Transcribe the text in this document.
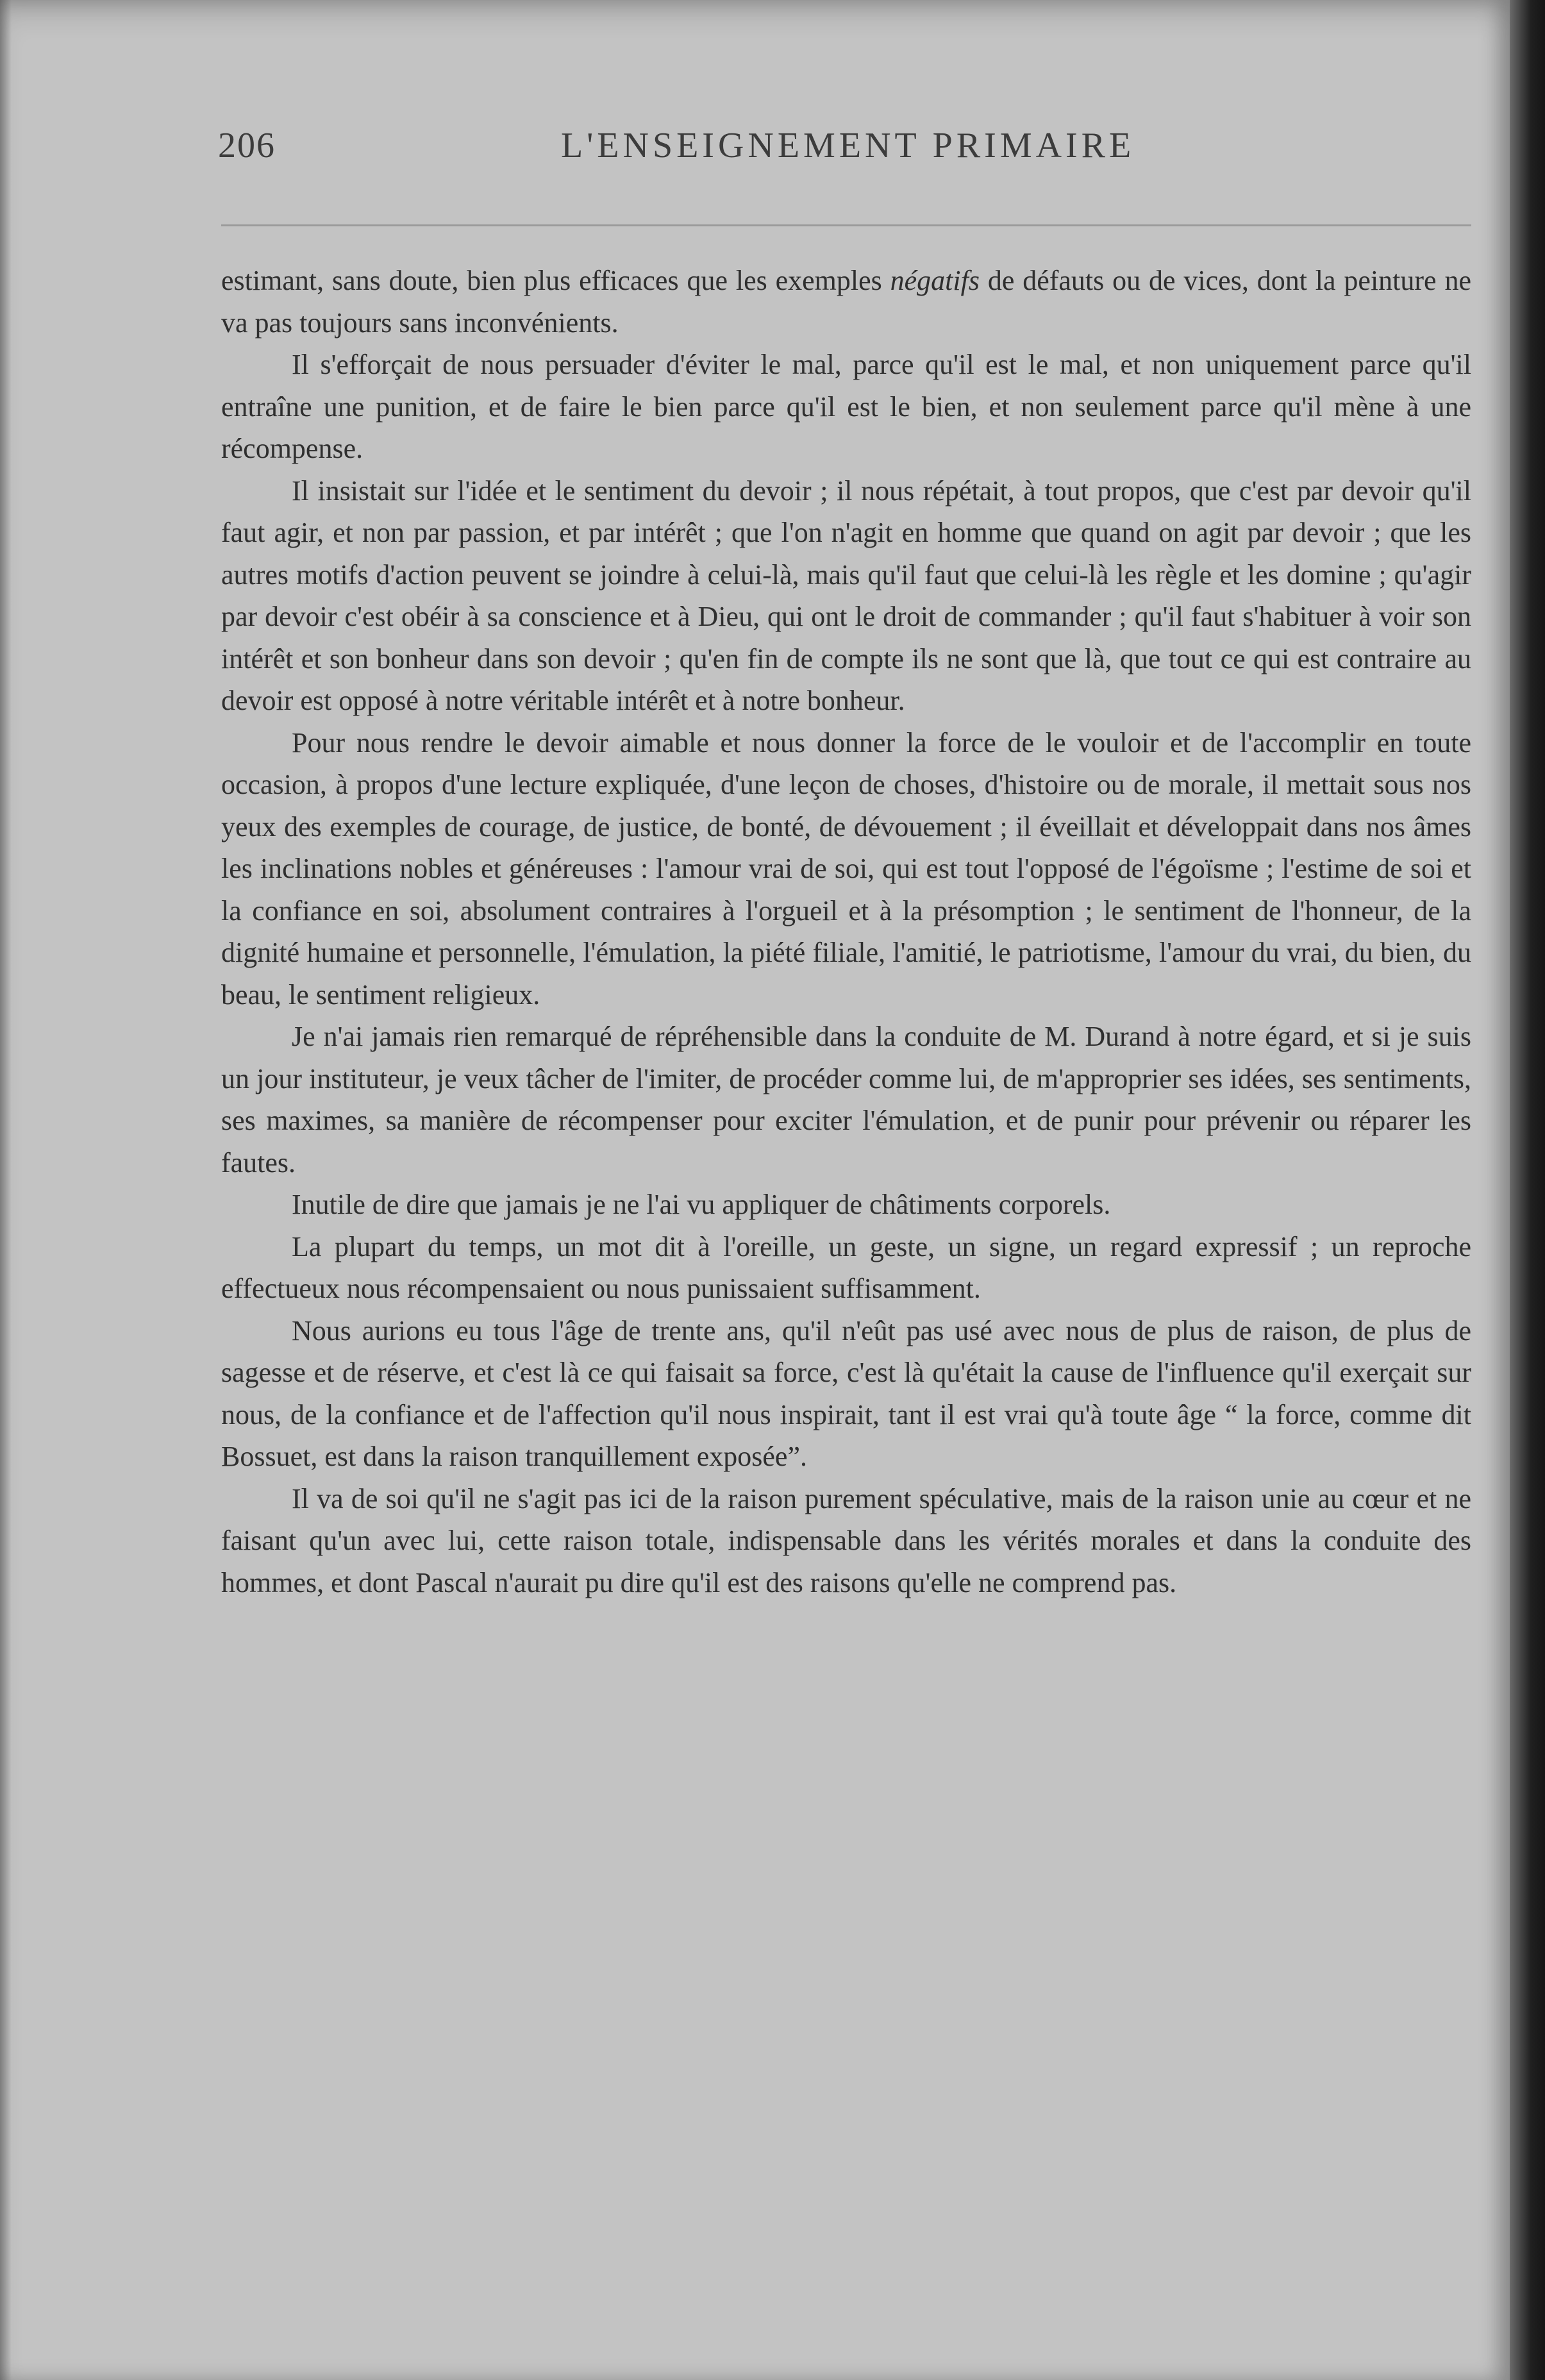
206	L'ENSEIGNEMENT PRIMAIRE

estimant, sans doute, bien plus efficaces que les exemples négatifs de défauts ou de vices, dont la peinture ne va pas toujours sans inconvénients.

Il s'efforçait de nous persuader d'éviter le mal, parce qu'il est le mal, et non uniquement parce qu'il entraîne une punition, et de faire le bien parce qu'il est le bien, et non seulement parce qu'il mène à une récompense.

Il insistait sur l'idée et le sentiment du devoir ; il nous répétait, à tout propos, que c'est par devoir qu'il faut agir, et non par passion, et par intérêt ; que l'on n'agit en homme que quand on agit par devoir ; que les autres motifs d'action peuvent se joindre à celui-là, mais qu'il faut que celui-là les règle et les domine ; qu'agir par devoir c'est obéir à sa conscience et à Dieu, qui ont le droit de commander ; qu'il faut s'habituer à voir son intérêt et son bonheur dans son devoir ; qu'en fin de compte ils ne sont que là, que tout ce qui est contraire au devoir est opposé à notre véritable intérêt et à notre bonheur.

Pour nous rendre le devoir aimable et nous donner la force de le vouloir et de l'accomplir en toute occasion, à propos d'une lecture expliquée, d'une leçon de choses, d'histoire ou de morale, il mettait sous nos yeux des exemples de courage, de justice, de bonté, de dévouement ; il éveillait et développait dans nos âmes les inclinations nobles et généreuses : l'amour vrai de soi, qui est tout l'opposé de l'égoïsme ; l'estime de soi et la confiance en soi, absolument contraires à l'orgueil et à la présomption ; le sentiment de l'honneur, de la dignité humaine et personnelle, l'émulation, la piété filiale, l'amitié, le patriotisme, l'amour du vrai, du bien, du beau, le sentiment religieux.

Je n'ai jamais rien remarqué de répréhensible dans la conduite de M. Durand à notre égard, et si je suis un jour instituteur, je veux tâcher de l'imiter, de procéder comme lui, de m'approprier ses idées, ses sentiments, ses maximes, sa manière de récompenser pour exciter l'émulation, et de punir pour prévenir ou réparer les fautes.

Inutile de dire que jamais je ne l'ai vu appliquer de châtiments corporels.

La plupart du temps, un mot dit à l'oreille, un geste, un signe, un regard expressif ; un reproche effectueux nous récompensaient ou nous punissaient suffisamment.

Nous aurions eu tous l'âge de trente ans, qu'il n'eût pas usé avec nous de plus de raison, de plus de sagesse et de réserve, et c'est là ce qui faisait sa force, c'est là qu'était la cause de l'influence qu'il exerçait sur nous, de la confiance et de l'affection qu'il nous inspirait, tant il est vrai qu'à toute âge “ la force, comme dit Bossuet, est dans la raison tranquillement exposée”.

Il va de soi qu'il ne s'agit pas ici de la raison purement spéculative, mais de la raison unie au cœur et ne faisant qu'un avec lui, cette raison totale, indispensable dans les vérités morales et dans la conduite des hommes, et dont Pascal n'aurait pu dire qu'il est des raisons qu'elle ne comprend pas.
